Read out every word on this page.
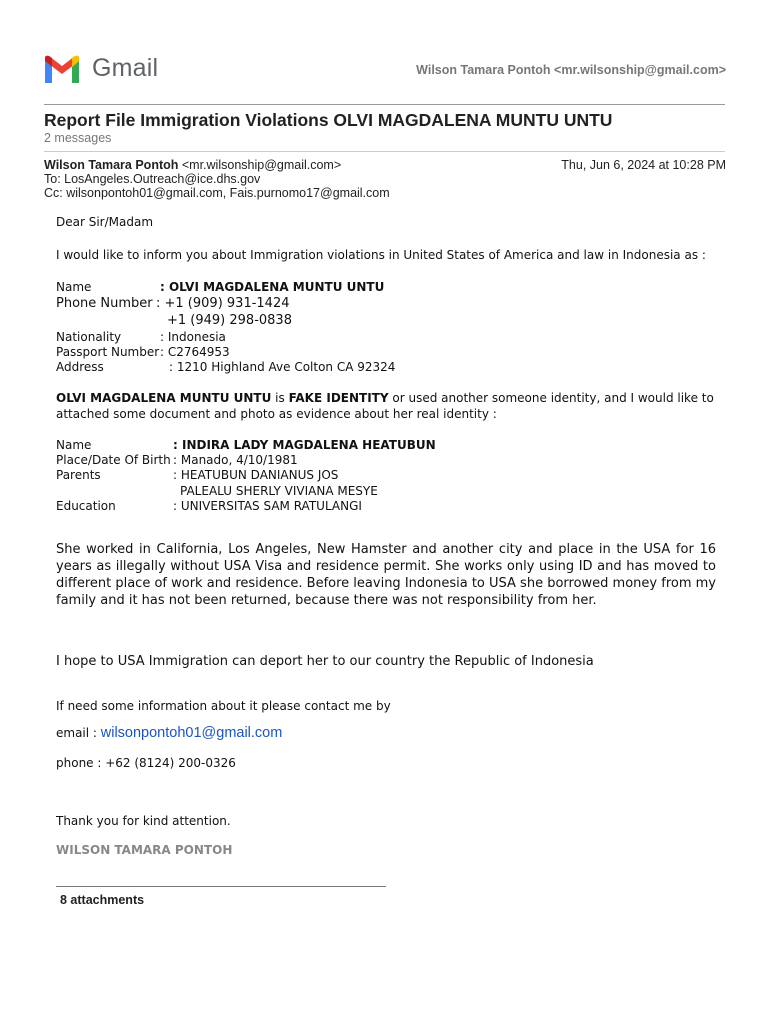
Gmail	Wilson Tamara Pontoh <mr.wilsonship@gmail.com>
Report File Immigration Violations OLVI MAGDALENA MUNTU UNTU
2 messages
Wilson Tamara Pontoh <mr.wilsonship@gmail.com>
To: LosAngeles.Outreach@ice.dhs.gov
Cc: wilsonpontoh01@gmail.com, Fais.purnomo17@gmail.com
Thu, Jun 6, 2024 at 10:28 PM
Dear Sir/Madam
I would like to inform you about Immigration violations in United States of America and law in Indonesia as :
Name	: OLVI MAGDALENA MUNTU UNTU
Phone Number : +1 (909) 931-1424
+1 (949) 298-0838
Nationality	: Indonesia
Passport Number : C2764953
Address	: 1210 Highland Ave Colton CA 92324
OLVI MAGDALENA MUNTU UNTU is FAKE IDENTITY or used another someone identity, and I would like to
attached some document and photo as evidence about her real identity :
Name	: INDIRA LADY MAGDALENA HEATUBUN
Place/Date Of Birth : Manado, 4/10/1981
Parents	: HEATUBUN DANIANUS JOS
PALEALU SHERLY VIVIANA MESYE
Education	: UNIVERSITAS SAM RATULANGI
She worked in California, Los Angeles, New Hamster and another city and place in the USA for 16 years as illegally without USA Visa and residence permit. She works only using ID and has moved to different place of work and residence. Before leaving Indonesia to USA she borrowed money from my family and it has not been returned, because there was not responsibility from her.
I hope to USA Immigration can deport her to our country the Republic of Indonesia
If need some information about it please contact me by
email : wilsonpontoh01@gmail.com
phone : +62 (8124) 200-0326
Thank you for kind attention.
WILSON TAMARA PONTOH
8 attachments
